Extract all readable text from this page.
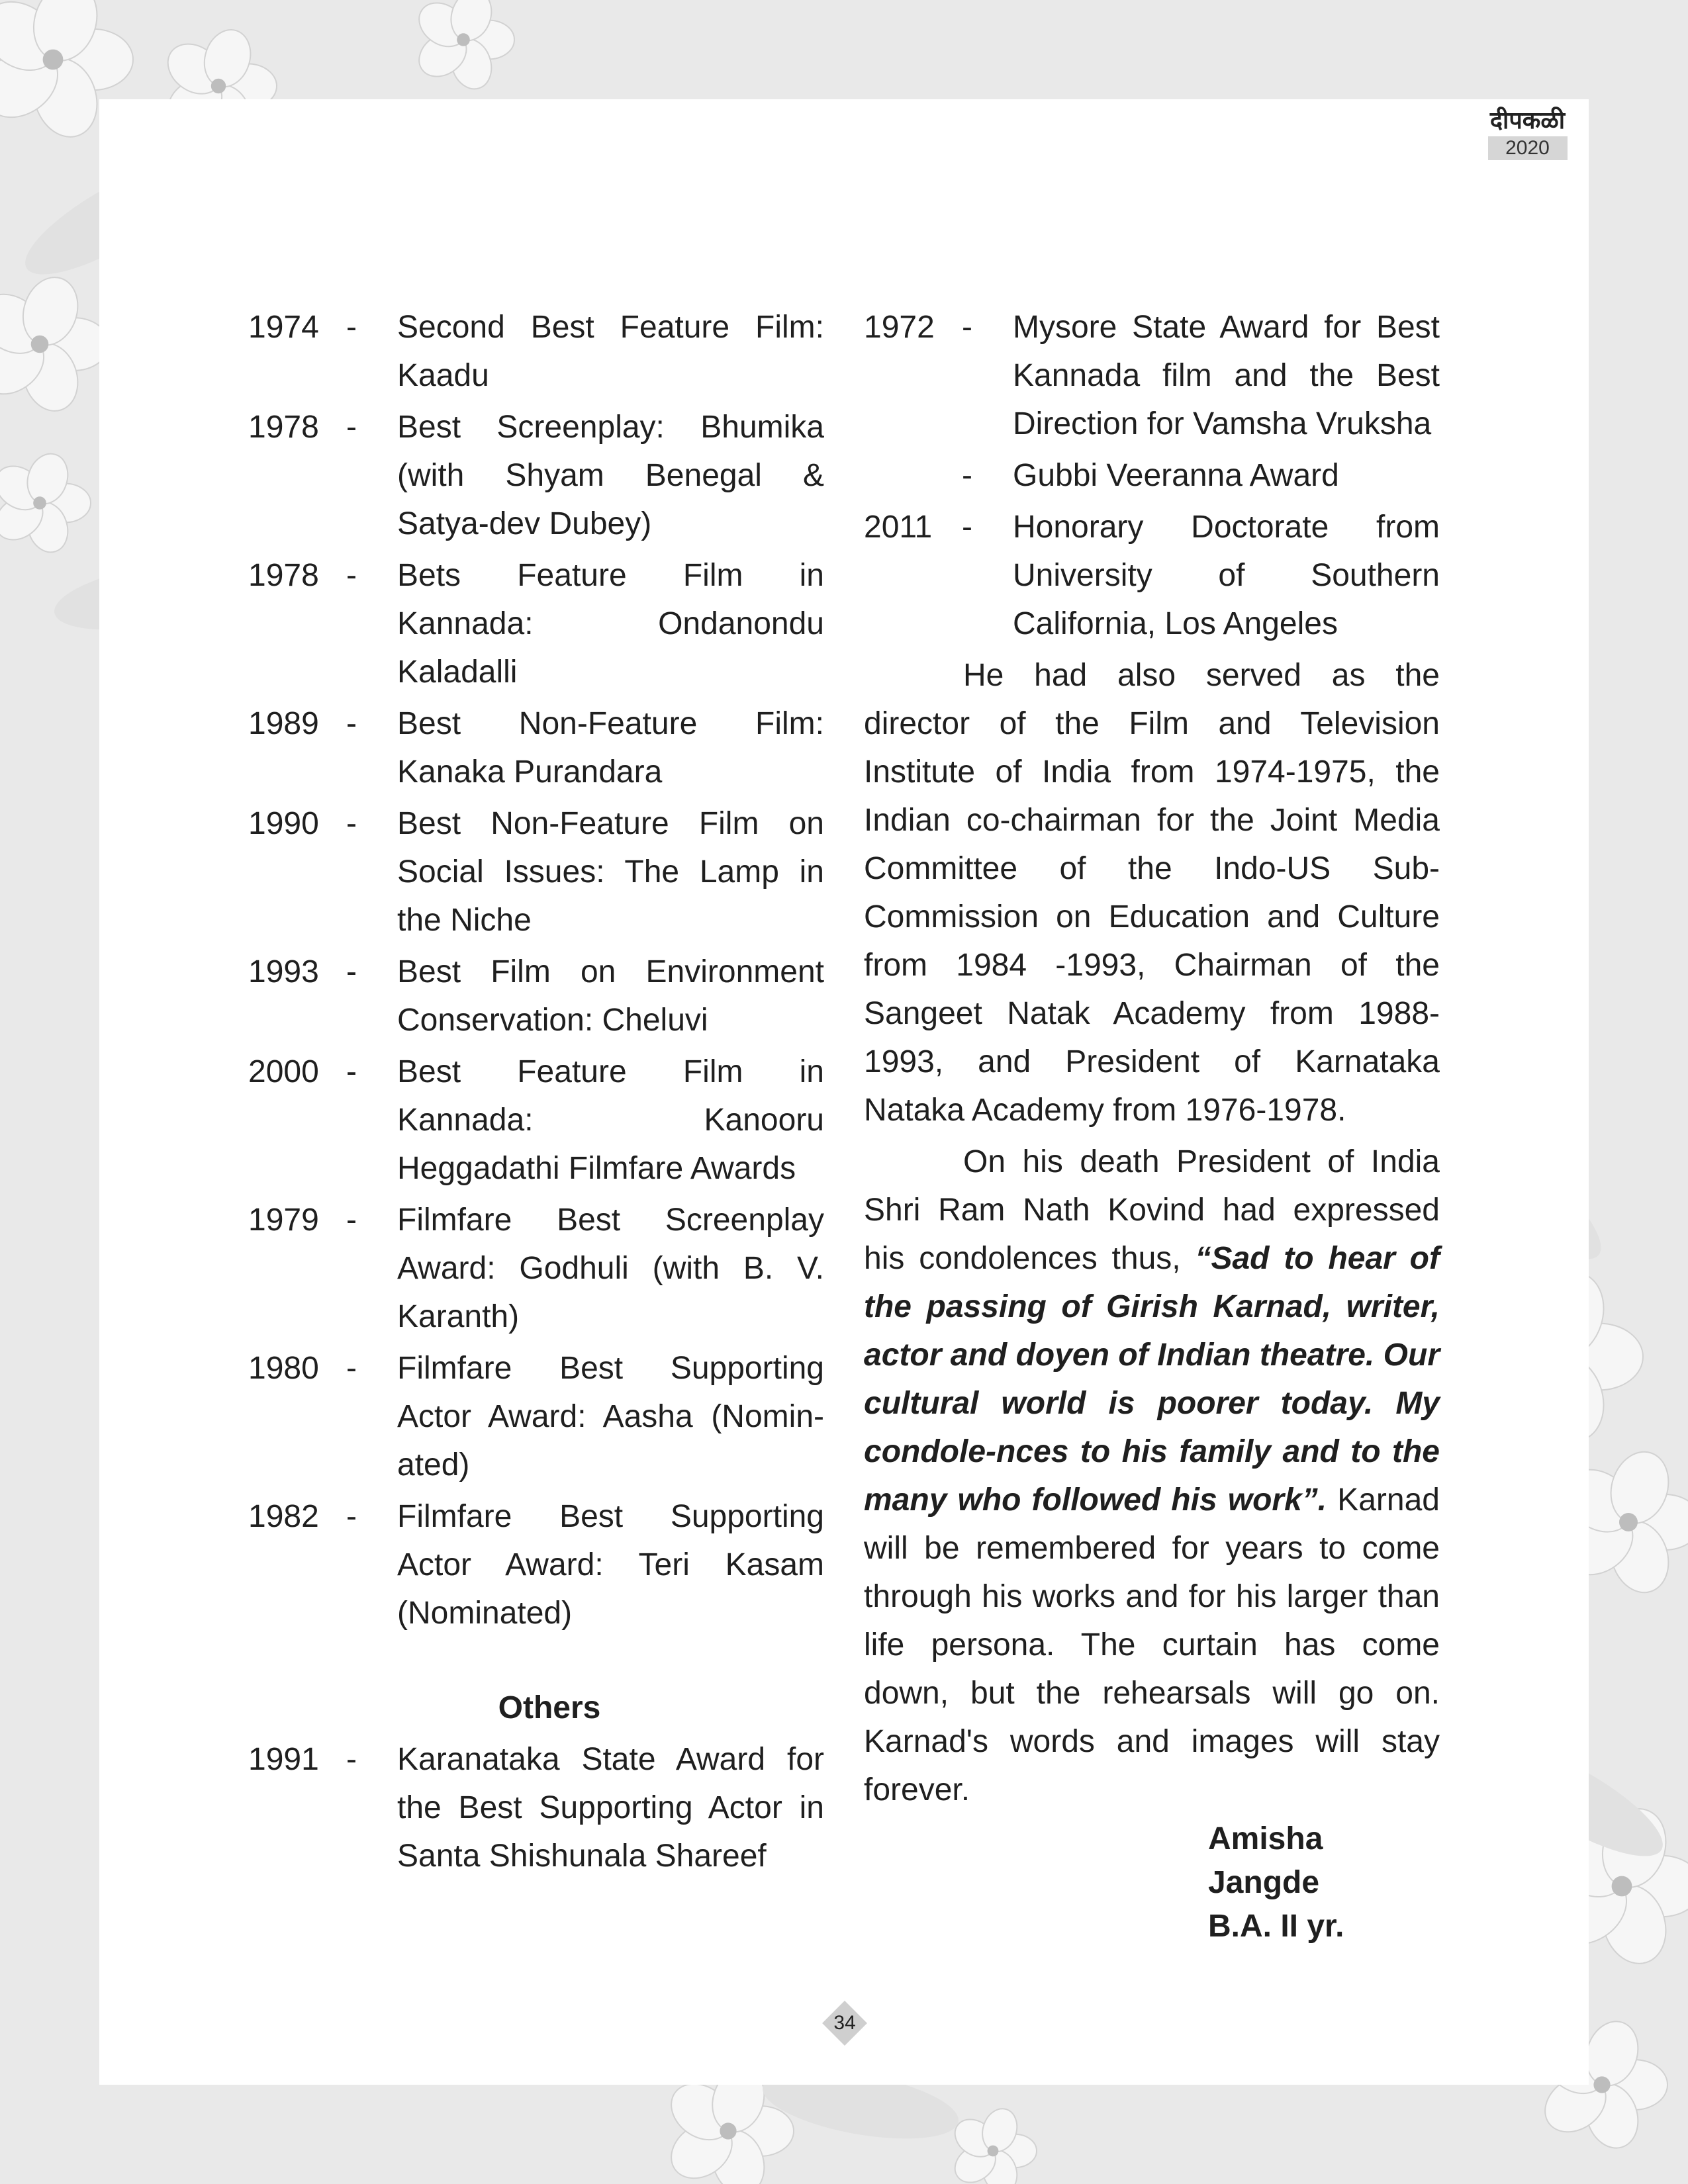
दीपकळी
2020
1974 -	Second Best Feature Film: Kaadu
1978 -	Best Screenplay: Bhumika (with Shyam Benegal & Satya-dev Dubey)
1978 -	Bets Feature Film in Kannada: Ondanondu Kaladalli
1989 -	Best Non-Feature Film: Kanaka Purandara
1990 -	Best Non-Feature Film on Social Issues: The Lamp in the Niche
1993 -	Best Film on Environment Conservation: Cheluvi
2000 -	Best Feature Film in Kannada: Kanooru Heggadathi Filmfare Awards
1979 -	Filmfare Best Screenplay Award: Godhuli (with B. V. Karanth)
1980 -	Filmfare Best Supporting Actor Award: Aasha (Nomin-ated)
1982 -	Filmfare Best Supporting Actor Award: Teri Kasam (Nominated)
Others
1991 -	Karanataka State Award for the Best Supporting Actor in Santa Shishunala Shareef
1972 -	Mysore State Award for Best Kannada film and the Best Direction for Vamsha Vruksha
-	Gubbi Veeranna Award
2011 -	Honorary Doctorate from University of Southern California, Los Angeles

He had also served as the director of the Film and Television Institute of India from 1974-1975, the Indian co-chairman for the Joint Media Committee of the Indo-US Sub-Commission on Education and Culture from 1984 -1993, Chairman of the Sangeet Natak Academy from 1988-1993, and President of Karnataka Nataka Academy from 1976-1978.

On his death President of India Shri Ram Nath Kovind had expressed his condolences thus, “Sad to hear of the passing of Girish Karnad, writer, actor and doyen of Indian theatre. Our cultural world is poorer today. My condole-nces to his family and to the many who followed his work”. Karnad will be remembered for years to come through his works and for his larger than life persona. The curtain has come down, but the rehearsals will go on. Karnad's words and images will stay forever.

Amisha Jangde
B.A. II yr.
34
